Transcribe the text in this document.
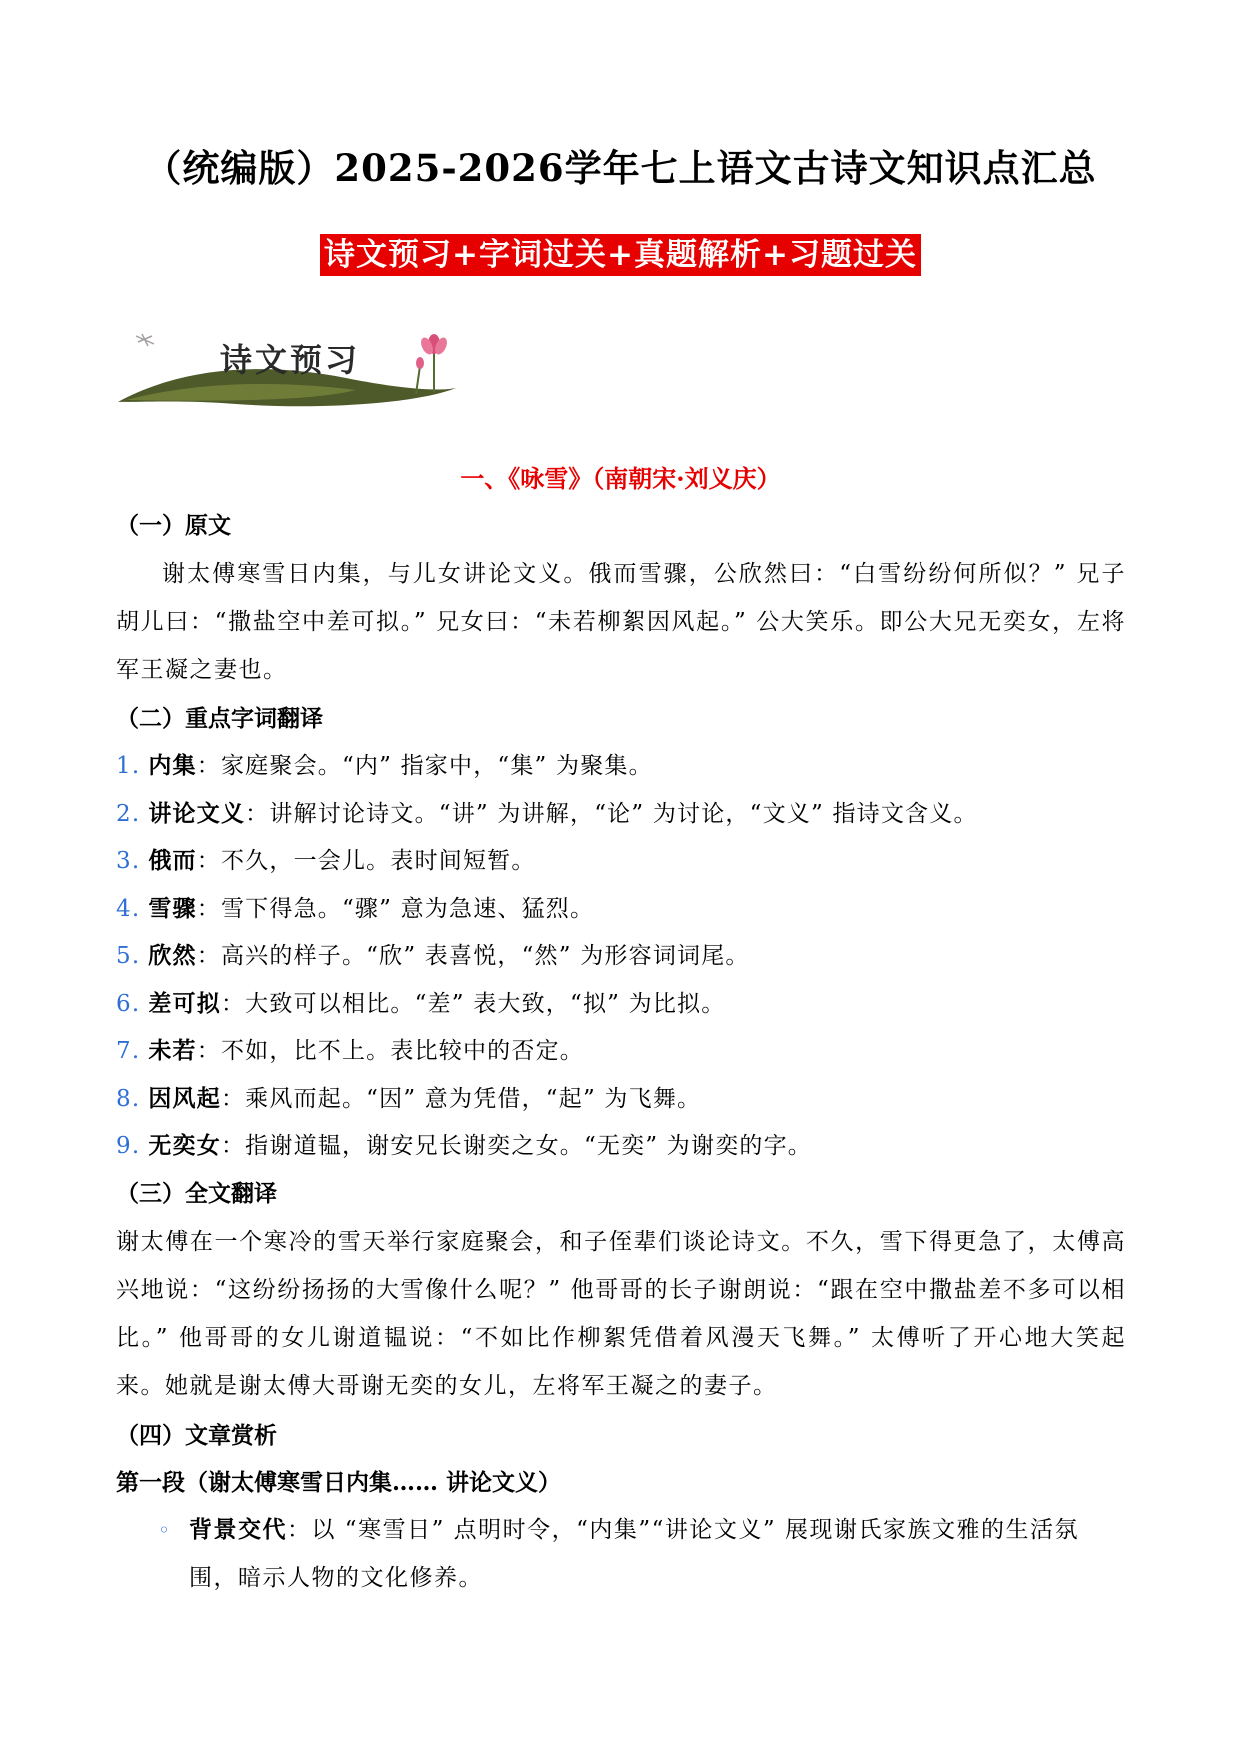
（统编版）2025-2026学年七上语文古诗文知识点汇总
诗文预习+字词过关+真题解析+习题过关
诗文预习
一、《咏雪》（南朝宋·刘义庆）
（一）原文
谢太傅寒雪日内集，与儿女讲论文义。俄而雪骤，公欣然曰：“白雪纷纷何所似？” 兄子胡儿曰：“撒盐空中差可拟。” 兄女曰：“未若柳絮因风起。” 公大笑乐。即公大兄无奕女，左将军王凝之妻也。
（二）重点字词翻译
1. 内集：家庭聚会。“内” 指家中，“集” 为聚集。
2. 讲论文义：讲解讨论诗文。“讲” 为讲解，“论” 为讨论，“文义” 指诗文含义。
3. 俄而：不久，一会儿。表时间短暂。
4. 雪骤：雪下得急。“骤” 意为急速、猛烈。
5. 欣然：高兴的样子。“欣” 表喜悦，“然” 为形容词词尾。
6. 差可拟：大致可以相比。“差” 表大致，“拟” 为比拟。
7. 未若：不如，比不上。表比较中的否定。
8. 因风起：乘风而起。“因” 意为凭借，“起” 为飞舞。
9. 无奕女：指谢道韫，谢安兄长谢奕之女。“无奕” 为谢奕的字。
（三）全文翻译
谢太傅在一个寒冷的雪天举行家庭聚会，和子侄辈们谈论诗文。不久，雪下得更急了，太傅高兴地说：“这纷纷扬扬的大雪像什么呢？” 他哥哥的长子谢朗说：“跟在空中撒盐差不多可以相比。” 他哥哥的女儿谢道韫说：“不如比作柳絮凭借着风漫天飞舞。” 太傅听了开心地大笑起来。她就是谢太傅大哥谢无奕的女儿，左将军王凝之的妻子。
（四）文章赏析
第一段（谢太傅寒雪日内集…… 讲论文义）
◦ 背景交代：以 “寒雪日” 点明时令，“内集”“讲论文义” 展现谢氏家族文雅的生活氛围，暗示人物的文化修养。
